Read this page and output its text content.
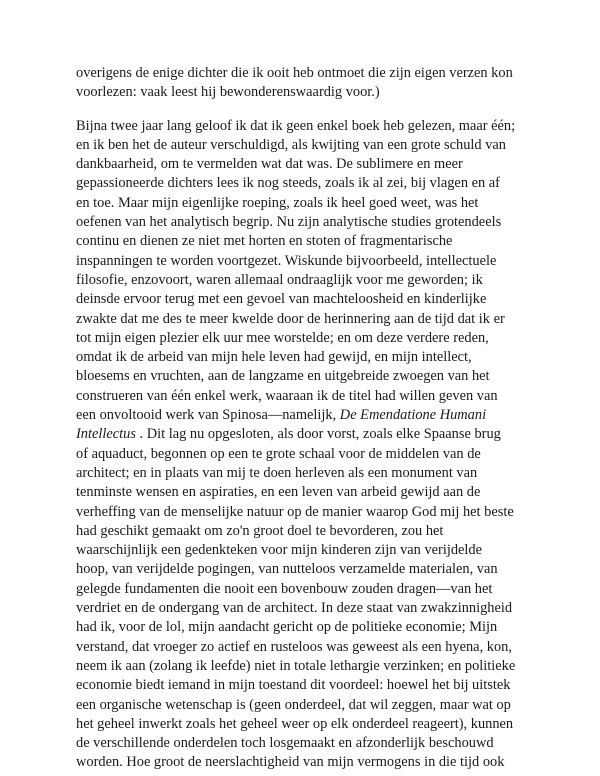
overigens de enige dichter die ik ooit heb ontmoet die zijn eigen verzen kon
voorlezen: vaak leest hij bewonderenswaardig voor.)

Bijna twee jaar lang geloof ik dat ik geen enkel boek heb gelezen, maar één;
en ik ben het de auteur verschuldigd, als kwijting van een grote schuld van
dankbaarheid, om te vermelden wat dat was. De sublimere en meer
gepassioneerde dichters lees ik nog steeds, zoals ik al zei, bij vlagen en af
en toe. Maar mijn eigenlijke roeping, zoals ik heel goed weet, was het
oefenen van het analytisch begrip. Nu zijn analytische studies grotendeels
continu en dienen ze niet met horten en stoten of fragmentarische
inspanningen te worden voortgezet. Wiskunde bijvoorbeeld, intellectuele
filosofie, enzovoort, waren allemaal ondraaglijk voor me geworden; ik
deinsde ervoor terug met een gevoel van machteloosheid en kinderlijke
zwakte dat me des te meer kwelde door de herinnering aan de tijd dat ik er
tot mijn eigen plezier elk uur mee worstelde; en om deze verdere reden,
omdat ik de arbeid van mijn hele leven had gewijd, en mijn intellect,
bloesems en vruchten, aan de langzame en uitgebreide zwoegen van het
construeren van één enkel werk, waaraan ik de titel had willen geven van
een onvoltooid werk van Spinosa—namelijk, De Emendatione Humani
Intellectus . Dit lag nu opgesloten, als door vorst, zoals elke Spaanse brug
of aquaduct, begonnen op een te grote schaal voor de middelen van de
architect; en in plaats van mij te doen herleven als een monument van
tenminste wensen en aspiraties, en een leven van arbeid gewijd aan de
verheffing van de menselijke natuur op de manier waarop God mij het beste
had geschikt gemaakt om zo'n groot doel te bevorderen, zou het
waarschijnlijk een gedenkteken voor mijn kinderen zijn van verijdelde
hoop, van verijdelde pogingen, van nutteloos verzamelde materialen, van
gelegde fundamenten die nooit een bovenbouw zouden dragen—van het
verdriet en de ondergang van de architect. In deze staat van zwakzinnigheid
had ik, voor de lol, mijn aandacht gericht op de politieke economie; Mijn
verstand, dat vroeger zo actief en rusteloos was geweest als een hyena, kon,
neem ik aan (zolang ik leefde) niet in totale lethargie verzinken; en politieke
economie biedt iemand in mijn toestand dit voordeel: hoewel het bij uitstek
een organische wetenschap is (geen onderdeel, dat wil zeggen, maar wat op
het geheel inwerkt zoals het geheel weer op elk onderdeel reageert), kunnen
de verschillende onderdelen toch losgemaakt en afzonderlijk beschouwd
worden. Hoe groot de neerslachtigheid van mijn vermogens in die tijd ook
